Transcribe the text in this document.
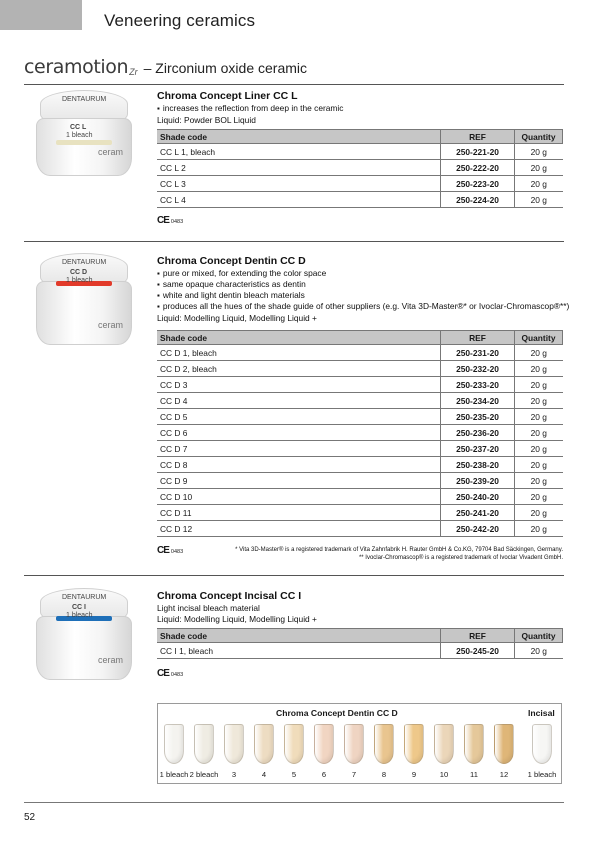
Veneering ceramics
ceramotion Zr – Zirconium oxide ceramic
DENTAURUM
CC L
1 bleach
ceram
Chroma Concept Liner CC L
▪ increases the reflection from deep in the ceramic
Liquid: Powder BOL Liquid
Shade code	REF	Quantity
CC L 1, bleach	250-221-20	20 g
CC L 2	250-222-20	20 g
CC L 3	250-223-20	20 g
CC L 4	250-224-20	20 g
CE 0483
DENTAURUM
CC D
1 bleach
ceram
Chroma Concept Dentin CC D
▪ pure or mixed, for extending the color space
▪ same opaque characteristics as dentin
▪ white and light dentin bleach materials
▪ produces all the hues of the shade guide of other suppliers (e.g. Vita 3D-Master®* or Ivoclar-Chromascop®**)
Liquid: Modelling Liquid, Modelling Liquid +
Shade code	REF	Quantity
CC D 1, bleach	250-231-20	20 g
CC D 2, bleach	250-232-20	20 g
CC D 3	250-233-20	20 g
CC D 4	250-234-20	20 g
CC D 5	250-235-20	20 g
CC D 6	250-236-20	20 g
CC D 7	250-237-20	20 g
CC D 8	250-238-20	20 g
CC D 9	250-239-20	20 g
CC D 10	250-240-20	20 g
CC D 11	250-241-20	20 g
CC D 12	250-242-20	20 g
CE 0483	* Vita 3D-Master® is a registered trademark of Vita Zahnfabrik H. Rauter GmbH & Co.KG, 79704 Bad Säckingen, Germany.
** Ivoclar-Chromascop® is a registered trademark of Ivoclar Vivadent GmbH.
DENTAURUM
CC I
1 bleach
ceram
Chroma Concept Incisal CC I
Light incisal bleach material
Liquid: Modelling Liquid, Modelling Liquid +
Shade code	REF	Quantity
CC I 1, bleach	250-245-20	20 g
CE 0483
Chroma Concept Dentin CC D	Incisal
1 bleach 2 bleach	3	4	5	6	7	8	9	10	11	12	1 bleach
52
